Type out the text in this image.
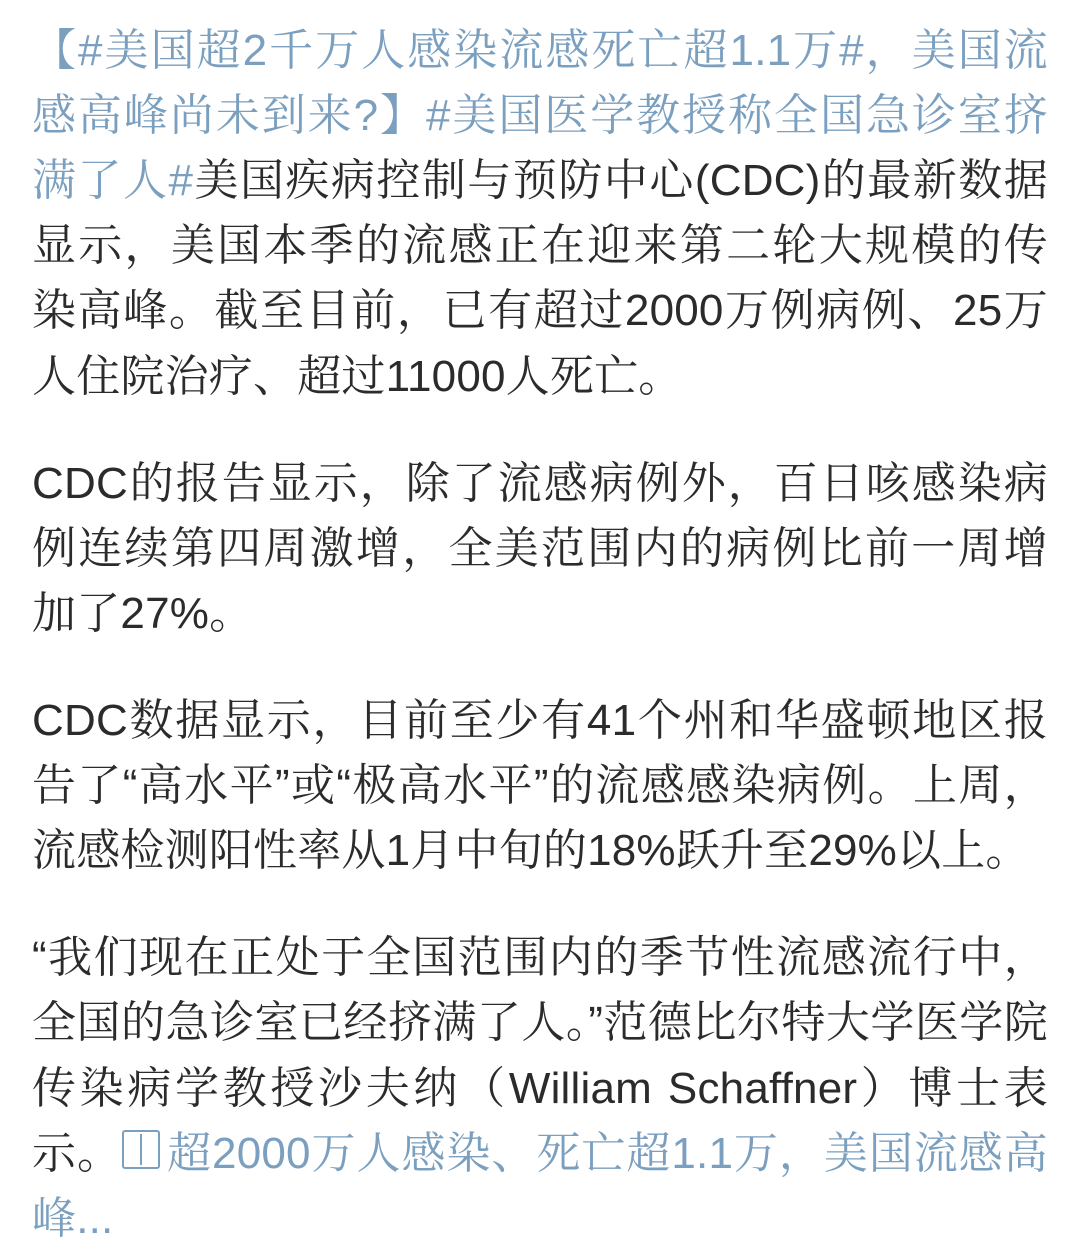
【#美国超2千万人感染流感死亡超1.1万#，美国流感高峰尚未到来?】#美国医学教授称全国急诊室挤满了人#美国疾病控制与预防中心(CDC)的最新数据显示，美国本季的流感正在迎来第二轮大规模的传染高峰。截至目前，已有超过2000万例病例、25万人住院治疗、超过11000人死亡。

CDC的报告显示，除了流感病例外，百日咳感染病例连续第四周激增，全美范围内的病例比前一周增加了27%。

CDC数据显示，目前至少有41个州和华盛顿地区报告了“高水平”或“极高水平”的流感感染病例。上周，流感检测阳性率从1月中旬的18%跃升至29%以上。

“我们现在正处于全国范围内的季节性流感流行中，全国的急诊室已经挤满了人。”范德比尔特大学医学院传染病学教授沙夫纳（William Schaffner）博士表示。 超2000万人感染、死亡超1.1万，美国流感高峰...
